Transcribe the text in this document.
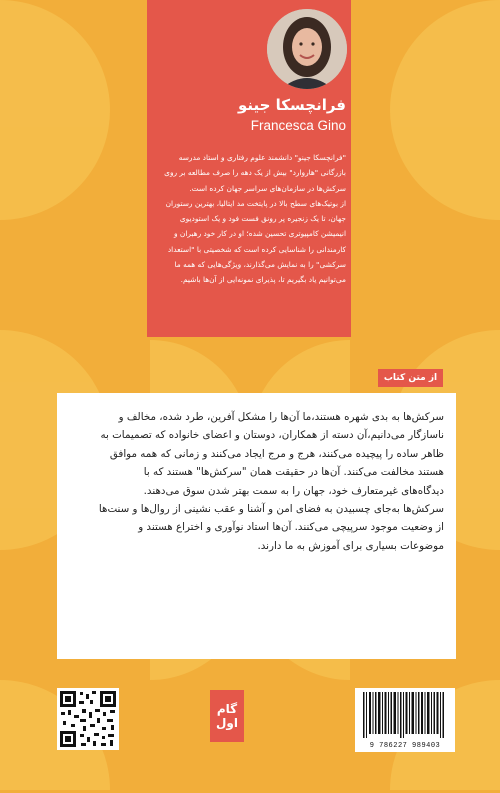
فرانچسکا جینو
Francesca Gino

"فرانچسکا جینو" دانشمند علوم رفتاری و استاد مدرسه

بازرگانی "هاروارد" بیش از یک دهه را صرف مطالعه بر روی

سرکش‌ها در سازمان‌های سراسر جهان کرده است.

از بوتیک‌های سطح بالا در پایتخت مد ایتالیا، بهترین رستوران

جهان، تا یک زنجیره پر رونق فست فود و یک استودیوی

انیمیشن کامپیوتری تحسین شده؛ او در کار خود رهبران و

کارمندانی را شناسایی کرده است که شخصیتی با "استعداد

سرکشی" را به نمایش می‌گذارند، ویژگی‌هایی که همه ما

می‌توانیم یاد بگیریم تا، پذیرای نمونه‌ایی از آن‌ها باشیم.

از متن کتاب
سرکش‌ها به بدی شهره هستند،ما آن‌ها را مشکل آفرین، طرد شده، مخالف و
ناسازگار می‌دانیم،آن دسته از همکاران، دوستان و اعضای خانواده که تصمیمات به
ظاهر ساده را پیچیده می‌کنند، هرج و مرج ایجاد می‌کنند و زمانی که همه موافق
هستند مخالفت می‌کنند. آن‌ها در حقیقت همان "سرکش‌ها" هستند که با
دیدگاه‌های غیرمتعارف خود، جهان را به سمت بهتر شدن سوق می‌دهند.
سرکش‌ها به‌جای چسبیدن به فضای امن و آشنا و عقب نشینی از روال‌ها و سنت‌ها
از وضعیت موجود سرپیچی می‌کنند. آن‌ها استاد نوآوری و اختراع هستند و
موضوعات بسیاری برای آموزش به ما دارند.
گام
اول
9 786227 989403
